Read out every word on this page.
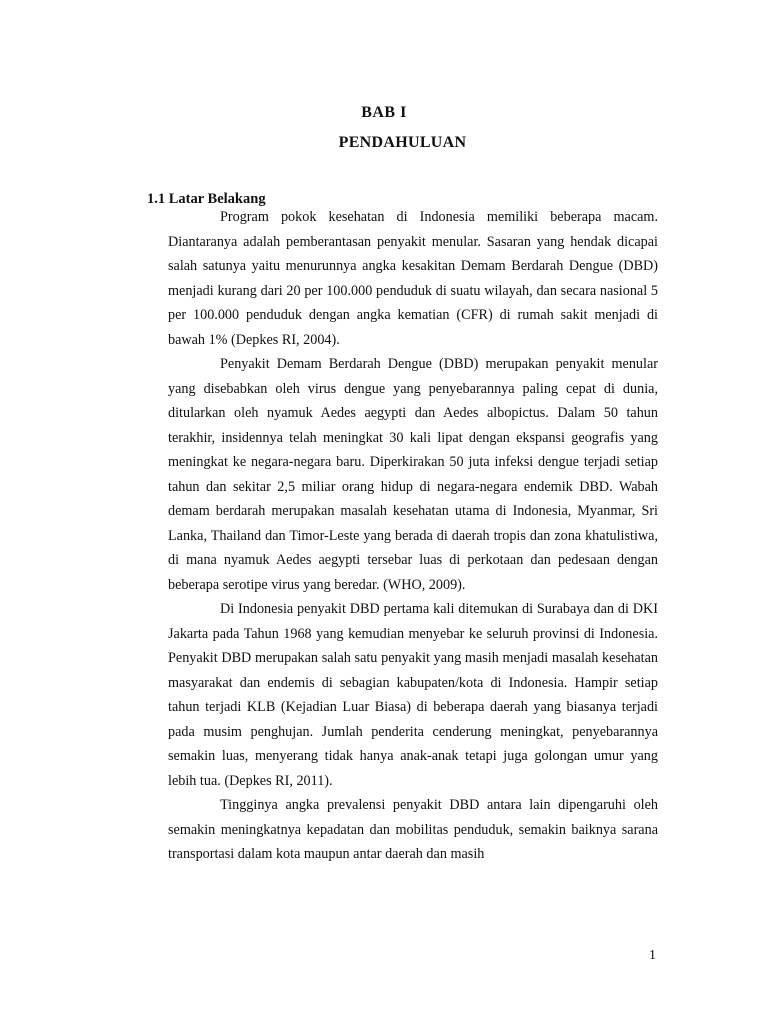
BAB I
PENDAHULUAN
1.1 Latar Belakang

Program pokok kesehatan di Indonesia memiliki beberapa macam. Diantaranya adalah pemberantasan penyakit menular. Sasaran yang hendak dicapai salah satunya yaitu menurunnya angka kesakitan Demam Berdarah Dengue (DBD) menjadi kurang dari 20 per 100.000 penduduk di suatu wilayah, dan secara nasional 5 per 100.000 penduduk dengan angka kematian (CFR) di rumah sakit menjadi di bawah 1% (Depkes RI, 2004).

Penyakit Demam Berdarah Dengue (DBD) merupakan penyakit menular yang disebabkan oleh virus dengue yang penyebarannya paling cepat di dunia, ditularkan oleh nyamuk Aedes aegypti dan Aedes albopictus. Dalam 50 tahun terakhir, insidennya telah meningkat 30 kali lipat dengan ekspansi geografis yang meningkat ke negara-negara baru. Diperkirakan 50 juta infeksi dengue terjadi setiap tahun dan sekitar 2,5 miliar orang hidup di negara-negara endemik DBD. Wabah demam berdarah merupakan masalah kesehatan utama di Indonesia, Myanmar, Sri Lanka, Thailand dan Timor-Leste yang berada di daerah tropis dan zona khatulistiwa, di mana nyamuk Aedes aegypti tersebar luas di perkotaan dan pedesaan dengan beberapa serotipe virus yang beredar. (WHO, 2009).

Di Indonesia penyakit DBD pertama kali ditemukan di Surabaya dan di DKI Jakarta pada Tahun 1968 yang kemudian menyebar ke seluruh provinsi di Indonesia. Penyakit DBD merupakan salah satu penyakit yang masih menjadi masalah kesehatan masyarakat dan endemis di sebagian kabupaten/kota di Indonesia. Hampir setiap tahun terjadi KLB (Kejadian Luar Biasa) di beberapa daerah yang biasanya terjadi pada musim penghujan. Jumlah penderita cenderung meningkat, penyebarannya semakin luas, menyerang tidak hanya anak-anak tetapi juga golongan umur yang lebih tua. (Depkes RI, 2011).

Tingginya angka prevalensi penyakit DBD antara lain dipengaruhi oleh semakin meningkatnya kepadatan dan mobilitas penduduk, semakin baiknya sarana transportasi dalam kota maupun antar daerah dan masih

1
